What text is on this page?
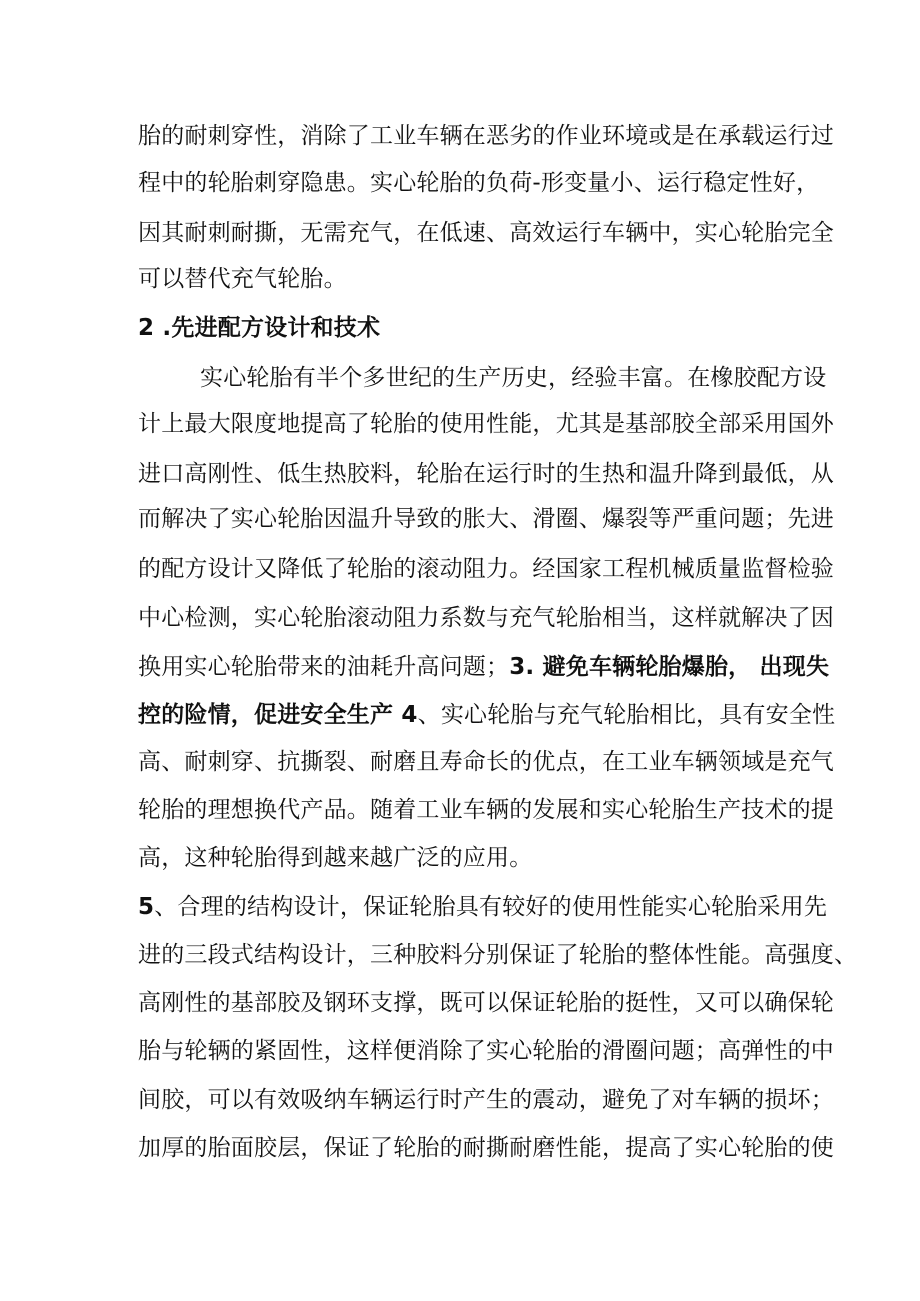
胎的耐刺穿性，消除了工业车辆在恶劣的作业环境或是在承载运行过
程中的轮胎刺穿隐患。实心轮胎的负荷-形变量小、运行稳定性好，
因其耐刺耐撕，无需充气，在低速、高效运行车辆中，实心轮胎完全
可以替代充气轮胎。
2 .先进配方设计和技术
实心轮胎有半个多世纪的生产历史，经验丰富。在橡胶配方设
计上最大限度地提高了轮胎的使用性能，尤其是基部胶全部采用国外
进口高刚性、低生热胶料，轮胎在运行时的生热和温升降到最低，从
而解决了实心轮胎因温升导致的胀大、滑圈、爆裂等严重问题；先进
的配方设计又降低了轮胎的滚动阻力。经国家工程机械质量监督检验
中心检测，实心轮胎滚动阻力系数与充气轮胎相当，这样就解决了因
换用实心轮胎带来的油耗升高问题；3. 避免车辆轮胎爆胎， 出现失
控的险情，促进安全生产 4、实心轮胎与充气轮胎相比，具有安全性
高、耐刺穿、抗撕裂、耐磨且寿命长的优点，在工业车辆领域是充气
轮胎的理想换代产品。随着工业车辆的发展和实心轮胎生产技术的提
高，这种轮胎得到越来越广泛的应用。
5、合理的结构设计，保证轮胎具有较好的使用性能实心轮胎采用先
进的三段式结构设计，三种胶料分别保证了轮胎的整体性能。高强度、
高刚性的基部胶及钢环支撑，既可以保证轮胎的挺性，又可以确保轮
胎与轮辆的紧固性，这样便消除了实心轮胎的滑圈问题；高弹性的中
间胶，可以有效吸纳车辆运行时产生的震动，避免了对车辆的损坏；
加厚的胎面胶层，保证了轮胎的耐撕耐磨性能，提高了实心轮胎的使
